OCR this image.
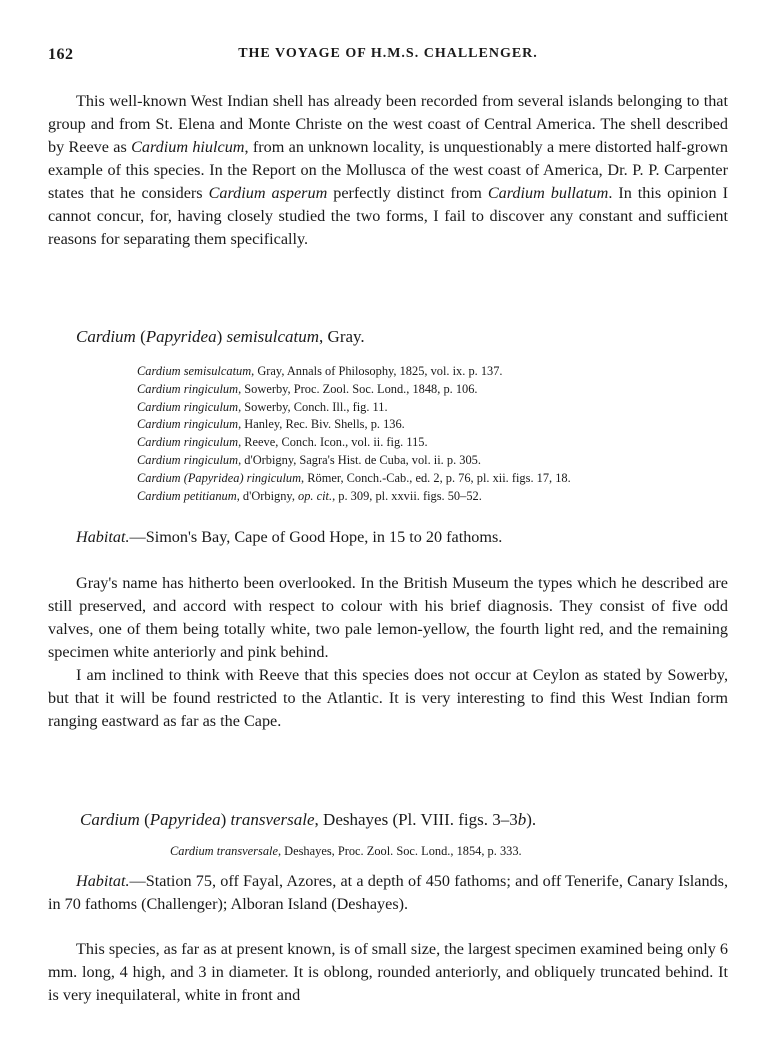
162	THE VOYAGE OF H.M.S. CHALLENGER.

This well-known West Indian shell has already been recorded from several islands belonging to that group and from St. Elena and Monte Christe on the west coast of Central America. The shell described by Reeve as Cardium hiulcum, from an unknown locality, is unquestionably a mere distorted half-grown example of this species. In the Report on the Mollusca of the west coast of America, Dr. P. P. Carpenter states that he considers Cardium asperum perfectly distinct from Cardium bullatum. In this opinion I cannot concur, for, having closely studied the two forms, I fail to discover any constant and sufficient reasons for separating them specifically.

Cardium (Papyridea) semisulcatum, Gray.

Cardium semisulcatum, Gray, Annals of Philosophy, 1825, vol. ix. p. 137.

Cardium ringiculum, Sowerby, Proc. Zool. Soc. Lond., 1848, p. 106.

Cardium ringiculum, Sowerby, Conch. Ill., fig. 11.

Cardium ringiculum, Hanley, Rec. Biv. Shells, p. 136.

Cardium ringiculum, Reeve, Conch. Icon., vol. ii. fig. 115.

Cardium ringiculum, d'Orbigny, Sagra's Hist. de Cuba, vol. ii. p. 305.

Cardium (Papyridea) ringiculum, Römer, Conch.-Cab., ed. 2, p. 76, pl. xii. figs. 17, 18.

Cardium petitianum, d'Orbigny, op. cit., p. 309, pl. xxvii. figs. 50–52.

Habitat.—Simon's Bay, Cape of Good Hope, in 15 to 20 fathoms.

Gray's name has hitherto been overlooked. In the British Museum the types which he described are still preserved, and accord with respect to colour with his brief diagnosis. They consist of five odd valves, one of them being totally white, two pale lemon-yellow, the fourth light red, and the remaining specimen white anteriorly and pink behind.

I am inclined to think with Reeve that this species does not occur at Ceylon as stated by Sowerby, but that it will be found restricted to the Atlantic. It is very interesting to find this West Indian form ranging eastward as far as the Cape.

Cardium (Papyridea) transversale, Deshayes (Pl. VIII. figs. 3–3b).

Cardium transversale, Deshayes, Proc. Zool. Soc. Lond., 1854, p. 333.

Habitat.—Station 75, off Fayal, Azores, at a depth of 450 fathoms; and off Tenerife, Canary Islands, in 70 fathoms (Challenger); Alboran Island (Deshayes).

This species, as far as at present known, is of small size, the largest specimen examined being only 6 mm. long, 4 high, and 3 in diameter. It is oblong, rounded anteriorly, and obliquely truncated behind. It is very inequilateral, white in front and
